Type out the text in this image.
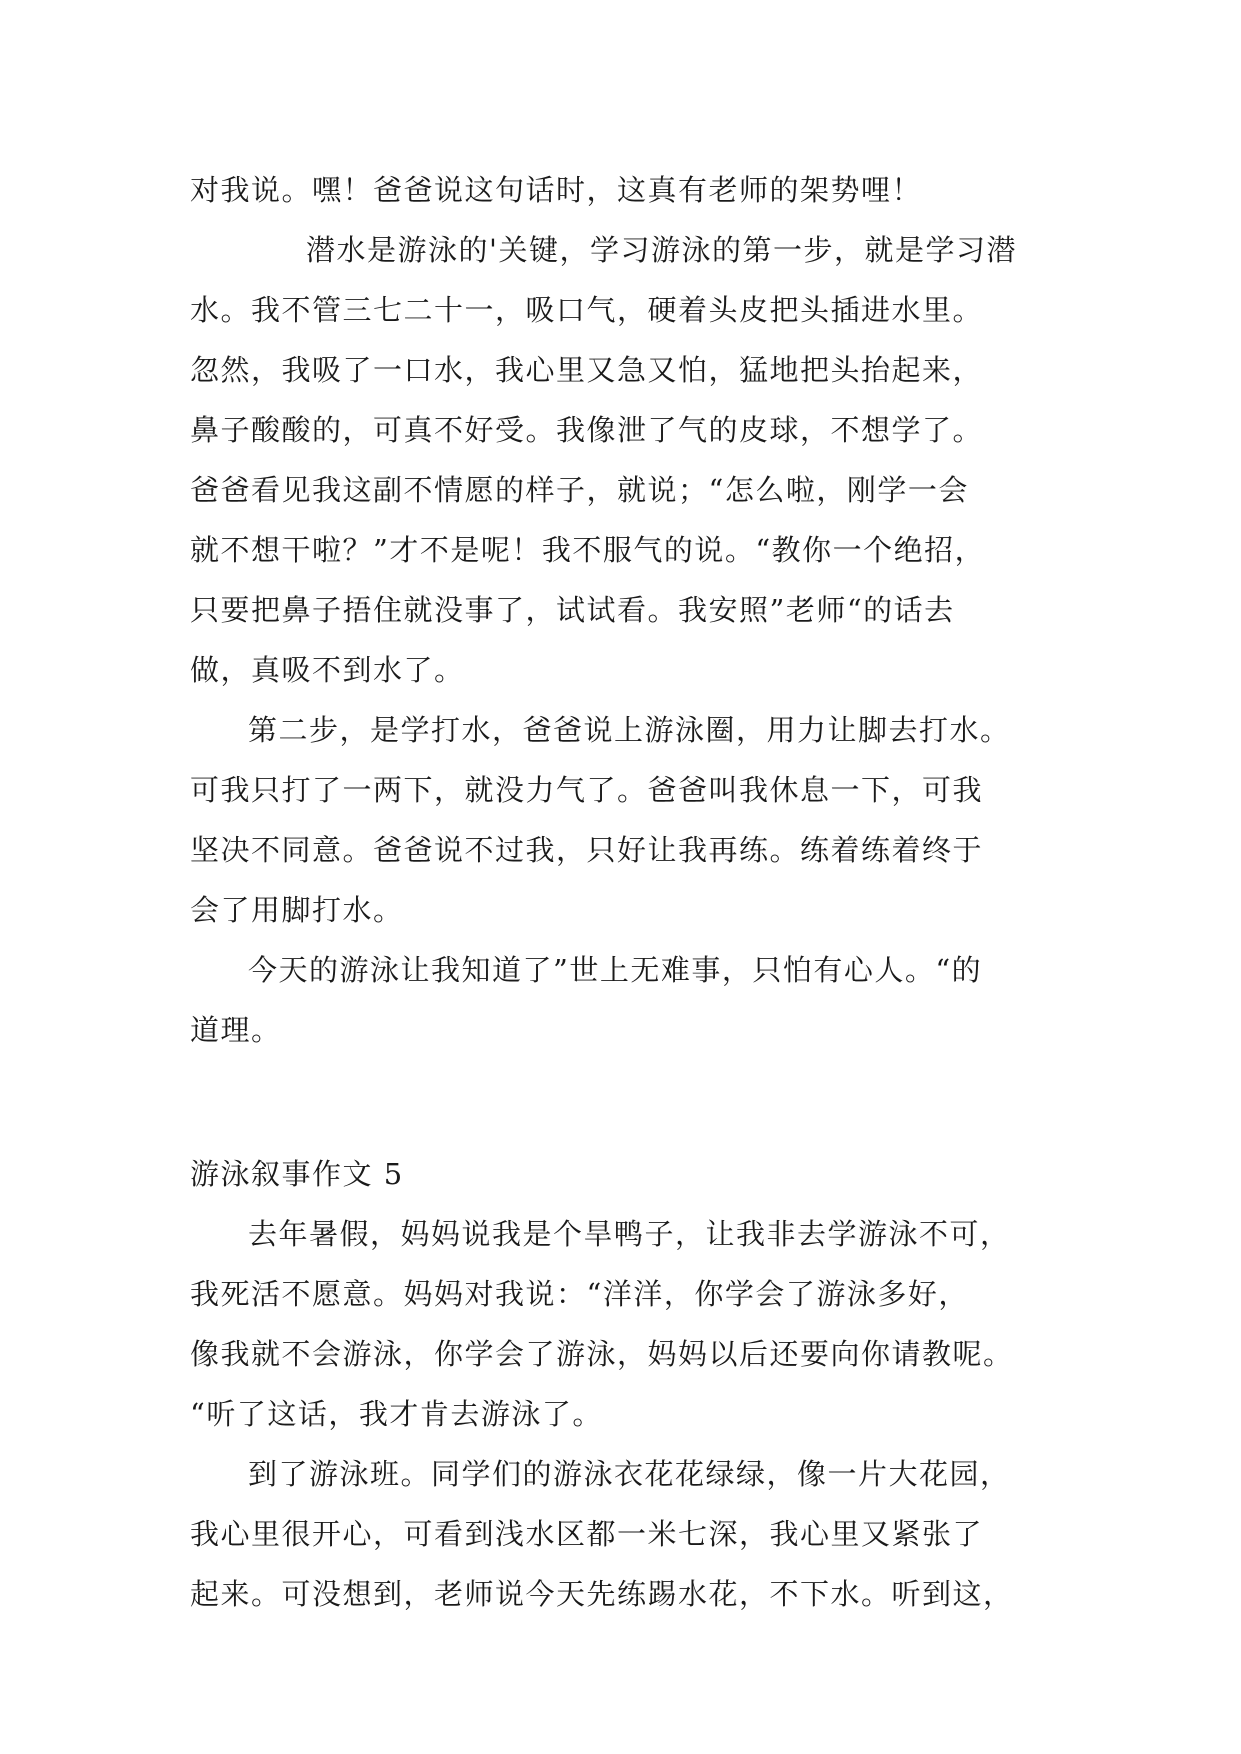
对我说。嘿！爸爸说这句话时，这真有老师的架势哩！

潜水是游泳的'关键，学习游泳的第一步，就是学习潜
水。我不管三七二十一，吸口气，硬着头皮把头插进水里。
忽然，我吸了一口水，我心里又急又怕，猛地把头抬起来，
鼻子酸酸的，可真不好受。我像泄了气的皮球，不想学了。
爸爸看见我这副不情愿的样子，就说；“怎么啦，刚学一会
就不想干啦？”才不是呢！我不服气的说。“教你一个绝招，
只要把鼻子捂住就没事了，试试看。我安照”老师“的话去
做，真吸不到水了。

第二步，是学打水，爸爸说上游泳圈，用力让脚去打水。
可我只打了一两下，就没力气了。爸爸叫我休息一下，可我
坚决不同意。爸爸说不过我，只好让我再练。练着练着终于
会了用脚打水。

今天的游泳让我知道了”世上无难事，只怕有心人。“的
道理。

游泳叙事作文 5

去年暑假，妈妈说我是个旱鸭子，让我非去学游泳不可，
我死活不愿意。妈妈对我说：“洋洋，你学会了游泳多好，
像我就不会游泳，你学会了游泳，妈妈以后还要向你请教呢。
“听了这话，我才肯去游泳了。

到了游泳班。同学们的游泳衣花花绿绿，像一片大花园，
我心里很开心，可看到浅水区都一米七深，我心里又紧张了
起来。可没想到，老师说今天先练踢水花，不下水。听到这，
